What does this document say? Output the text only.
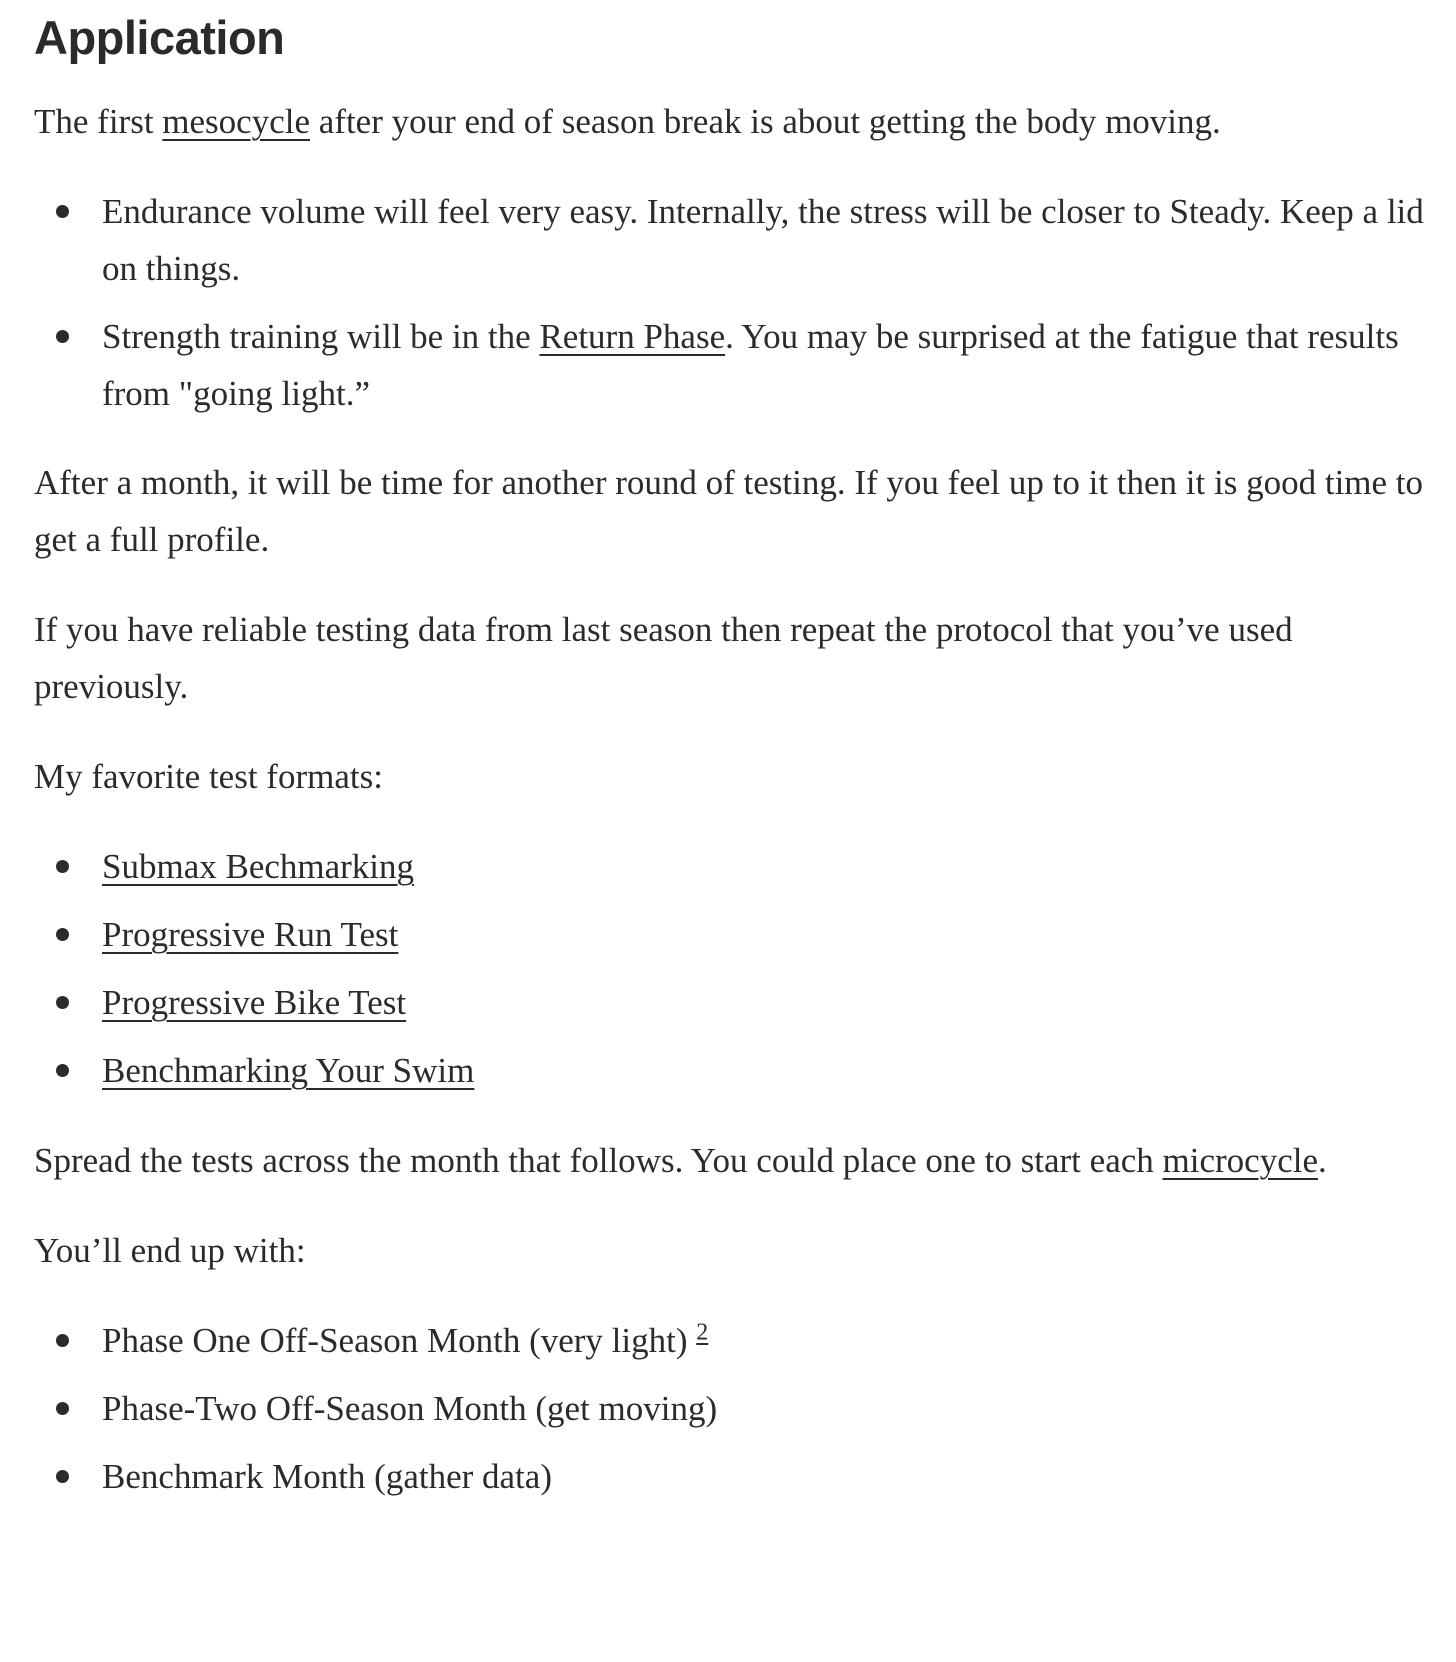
Application

The first mesocycle after your end of season break is about getting the body moving.

Endurance volume will feel very easy. Internally, the stress will be closer to Steady. Keep a lid on things.
Strength training will be in the Return Phase. You may be surprised at the fatigue that results from "going light.”

After a month, it will be time for another round of testing. If you feel up to it then it is good time to get a full profile.

If you have reliable testing data from last season then repeat the protocol that you’ve used previously.

My favorite test formats:

Submax Bechmarking
Progressive Run Test
Progressive Bike Test
Benchmarking Your Swim

Spread the tests across the month that follows. You could place one to start each microcycle.

You’ll end up with:

Phase One Off-Season Month (very light) $^2$
Phase-Two Off-Season Month (get moving)
Benchmark Month (gather data)
